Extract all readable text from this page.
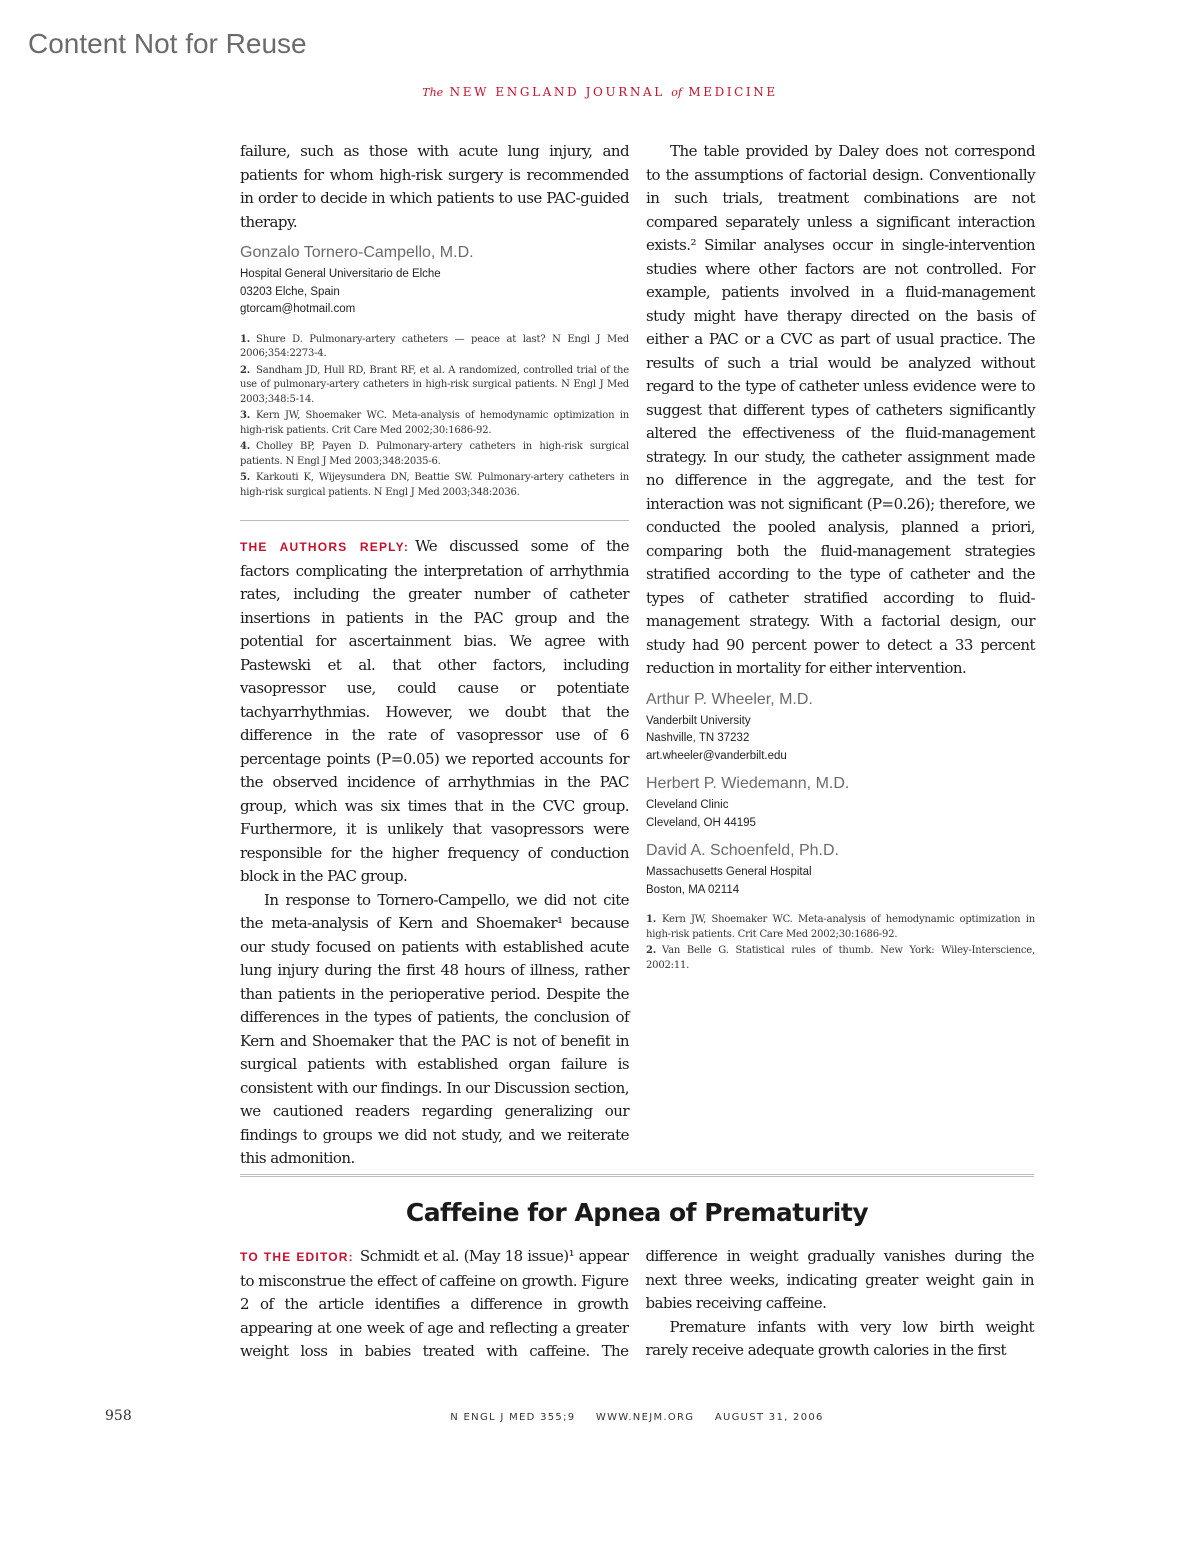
Content Not for Reuse
The NEW ENGLAND JOURNAL of MEDICINE

failure, such as those with acute lung injury, and patients for whom high-risk surgery is recommended in order to decide in which patients to use PAC-guided therapy.

Gonzalo Tornero-Campello, M.D.
Hospital General Universitario de Elche
03203 Elche, Spain
gtorcam@hotmail.com
1. Shure D. Pulmonary-artery catheters — peace at last? N Engl J Med 2006;354:2273-4.
2. Sandham JD, Hull RD, Brant RF, et al. A randomized, controlled trial of the use of pulmonary-artery catheters in high-risk surgical patients. N Engl J Med 2003;348:5-14.
3. Kern JW, Shoemaker WC. Meta-analysis of hemodynamic optimization in high-risk patients. Crit Care Med 2002;30:1686-92.
4. Cholley BP, Payen D. Pulmonary-artery catheters in high-risk surgical patients. N Engl J Med 2003;348:2035-6.
5. Karkouti K, Wijeysundera DN, Beattie SW. Pulmonary-artery catheters in high-risk surgical patients. N Engl J Med 2003;348:2036.

THE AUTHORS REPLY: We discussed some of the factors complicating the interpretation of arrhythmia rates, including the greater number of catheter insertions in patients in the PAC group and the potential for ascertainment bias. We agree with Pastewski et al. that other factors, including vasopressor use, could cause or potentiate tachyarrhythmias. However, we doubt that the difference in the rate of vasopressor use of 6 percentage points (P=0.05) we reported accounts for the observed incidence of arrhythmias in the PAC group, which was six times that in the CVC group. Furthermore, it is unlikely that vasopressors were responsible for the higher frequency of conduction block in the PAC group.

In response to Tornero-Campello, we did not cite the meta-analysis of Kern and Shoemaker¹ because our study focused on patients with established acute lung injury during the first 48 hours of illness, rather than patients in the perioperative period. Despite the differences in the types of patients, the conclusion of Kern and Shoemaker that the PAC is not of benefit in surgical patients with established organ failure is consistent with our findings. In our Discussion section, we cautioned readers regarding generalizing our findings to groups we did not study, and we reiterate this admonition.

The table provided by Daley does not correspond to the assumptions of factorial design. Conventionally in such trials, treatment combinations are not compared separately unless a significant interaction exists.² Similar analyses occur in single-intervention studies where other factors are not controlled. For example, patients involved in a fluid-management study might have therapy directed on the basis of either a PAC or a CVC as part of usual practice. The results of such a trial would be analyzed without regard to the type of catheter unless evidence were to suggest that different types of catheters significantly altered the effectiveness of the fluid-management strategy. In our study, the catheter assignment made no difference in the aggregate, and the test for interaction was not significant (P=0.26); therefore, we conducted the pooled analysis, planned a priori, comparing both the fluid-management strategies stratified according to the type of catheter and the types of catheter stratified according to fluid-management strategy. With a factorial design, our study had 90 percent power to detect a 33 percent reduction in mortality for either intervention.

Arthur P. Wheeler, M.D.
Vanderbilt University
Nashville, TN 37232
art.wheeler@vanderbilt.edu
Herbert P. Wiedemann, M.D.
Cleveland Clinic
Cleveland, OH 44195
David A. Schoenfeld, Ph.D.
Massachusetts General Hospital
Boston, MA 02114
1. Kern JW, Shoemaker WC. Meta-analysis of hemodynamic optimization in high-risk patients. Crit Care Med 2002;30:1686-92.
2. Van Belle G. Statistical rules of thumb. New York: Wiley-Interscience, 2002:11.
Caffeine for Apnea of Prematurity

TO THE EDITOR: Schmidt et al. (May 18 issue)¹ appear to misconstrue the effect of caffeine on growth. Figure 2 of the article identifies a difference in growth appearing at one week of age and reflecting a greater weight loss in babies treated with caffeine. The difference in weight gradually vanishes during the next three weeks, indicating greater weight gain in babies receiving caffeine.

Premature infants with very low birth weight rarely receive adequate growth calories in the first

958	N ENGL J MED 355;9 WWW.NEJM.ORG AUGUST 31, 2006
